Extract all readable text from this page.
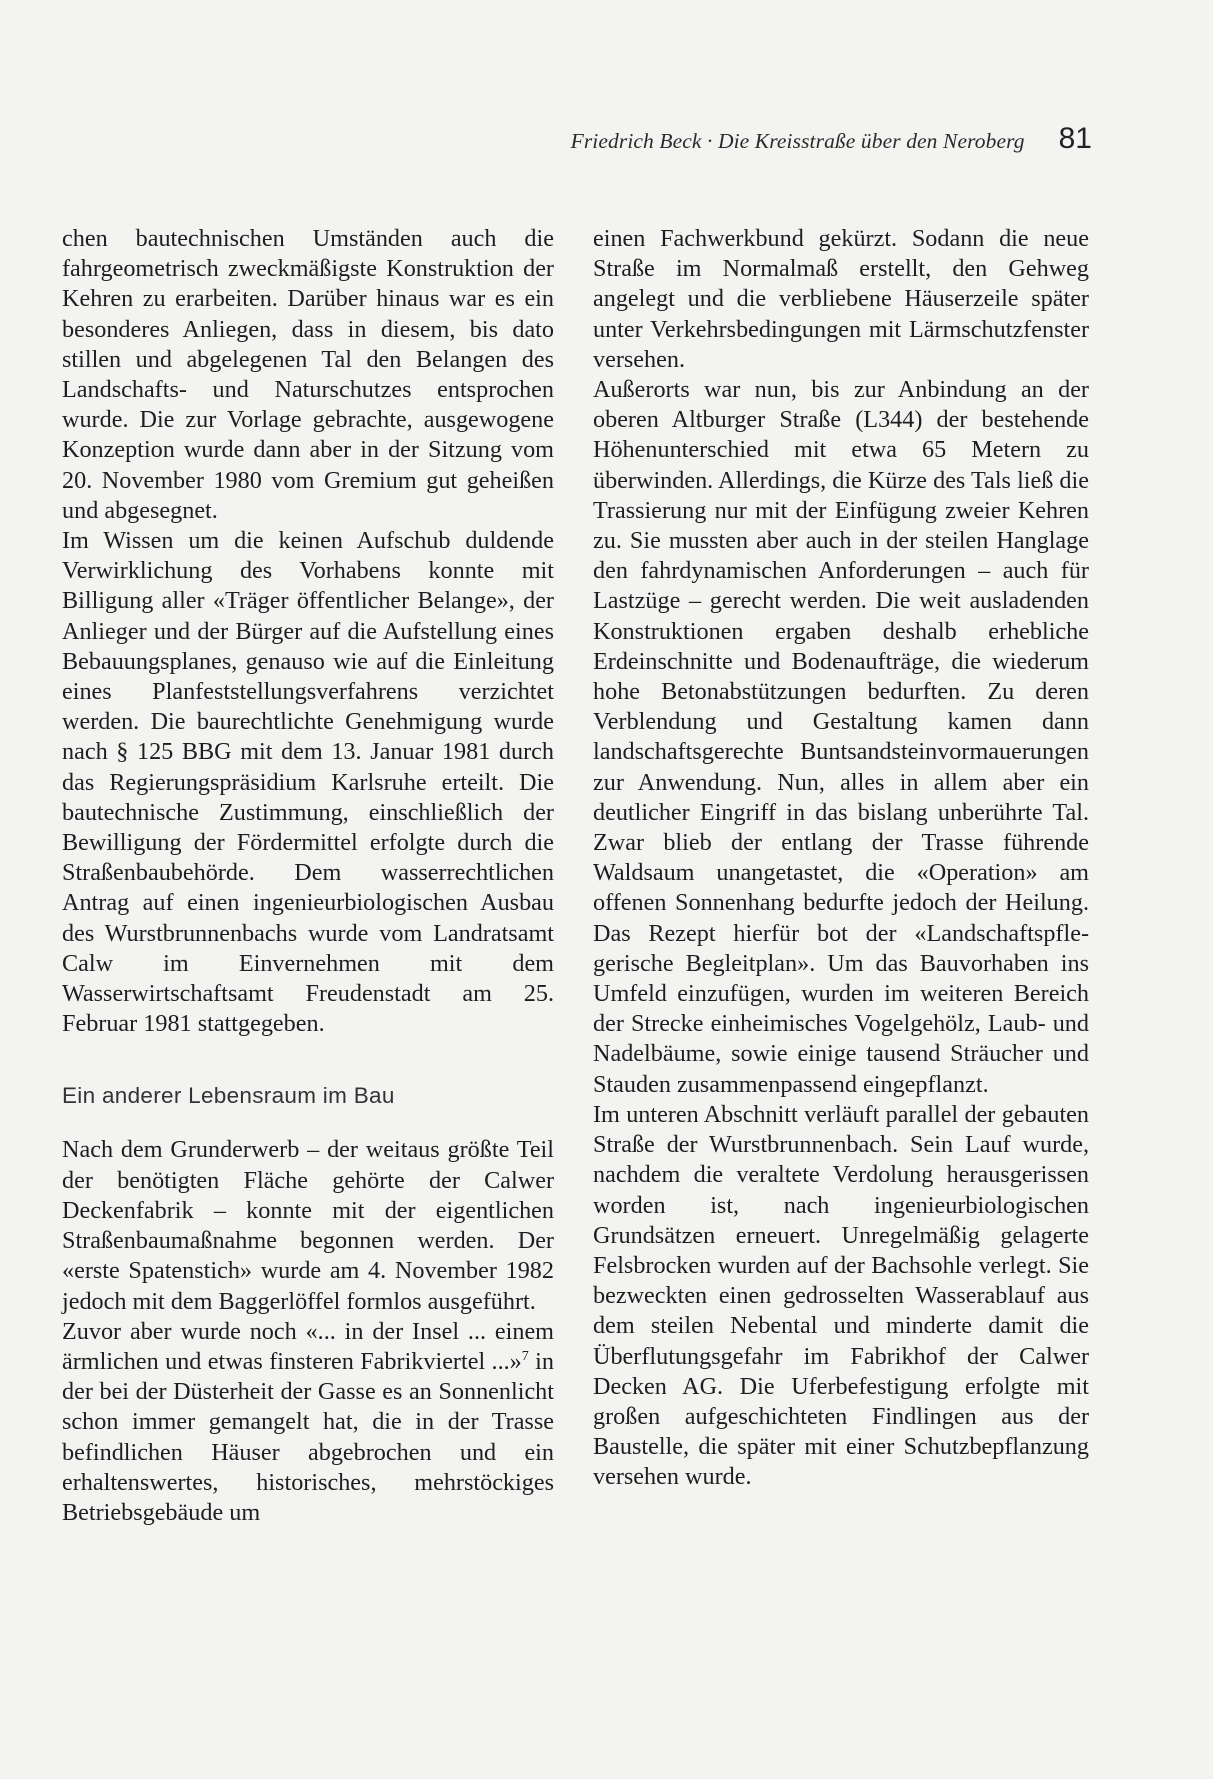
Friedrich Beck · Die Kreisstraße über den Neroberg 81

chen bautechnischen Umständen auch die fahrgeometrisch zweckmäßigste Konstruktion der Kehren zu erarbeiten. Darüber hinaus war es ein besonderes Anliegen, dass in diesem, bis dato stillen und abgelegenen Tal den Belangen des Landschafts- und Naturschutzes entsprochen wurde. Die zur Vorlage gebrachte, ausgewogene Konzeption wurde dann aber in der Sitzung vom 20. November 1980 vom Gremium gut geheißen und abgesegnet.

Im Wissen um die keinen Aufschub duldende Verwirklichung des Vorhabens konnte mit Billigung aller «Träger öffentlicher Belange», der Anlieger und der Bürger auf die Aufstellung eines Bebauungsplanes, genauso wie auf die Einleitung eines Planfeststellungsverfahrens verzichtet werden. Die baurechtlichte Genehmigung wurde nach § 125 BBG mit dem 13. Januar 1981 durch das Regierungspräsidium Karlsruhe erteilt. Die bautechnische Zustimmung, einschließlich der Bewilligung der Fördermittel erfolgte durch die Straßenbaubehörde. Dem wasserrechtlichen Antrag auf einen ingenieurbiologischen Ausbau des Wurstbrunnenbachs wurde vom Landratsamt Calw im Einvernehmen mit dem Wasserwirtschaftsamt Freudenstadt am 25. Februar 1981 stattgegeben.

Ein anderer Lebensraum im Bau

Nach dem Grunderwerb – der weitaus größte Teil der benötigten Fläche gehörte der Calwer Deckenfabrik – konnte mit der eigentlichen Straßenbaumaßnahme begonnen werden. Der «erste Spatenstich» wurde am 4. November 1982 jedoch mit dem Baggerlöffel formlos ausgeführt.

Zuvor aber wurde noch «... in der Insel ... einem ärmlichen und etwas finsteren Fabrikviertel ...»$^7$ in der bei der Düsterheit der Gasse es an Sonnenlicht schon immer gemangelt hat, die in der Trasse befindlichen Häuser abgebrochen und ein erhaltenswertes, historisches, mehrstöckiges Betriebsgebäude um

einen Fachwerkbund gekürzt. Sodann die neue Straße im Normalmaß erstellt, den Gehweg angelegt und die verbliebene Häuserzeile später unter Verkehrsbedingungen mit Lärmschutzfenster versehen.

Außerorts war nun, bis zur Anbindung an der oberen Altburger Straße (L344) der bestehende Höhenunterschied mit etwa 65 Metern zu überwinden. Allerdings, die Kürze des Tals ließ die Trassierung nur mit der Einfügung zweier Kehren zu. Sie mussten aber auch in der steilen Hanglage den fahrdynamischen Anforderungen – auch für Lastzüge – gerecht werden. Die weit ausladenden Konstruktionen ergaben deshalb erhebliche Erdeinschnitte und Bodenaufträge, die wiederum hohe Betonabstützungen bedurften. Zu deren Verblendung und Gestaltung kamen dann landschaftsgerechte Buntsandsteinvormauerungen zur Anwendung. Nun, alles in allem aber ein deutlicher Eingriff in das bislang unberührte Tal. Zwar blieb der entlang der Trasse führende Waldsaum unangetastet, die «Operation» am offenen Sonnenhang bedurfte jedoch der Heilung. Das Rezept hierfür bot der «Landschaftspflegerische Begleitplan». Um das Bauvorhaben ins Umfeld einzufügen, wurden im weiteren Bereich der Strecke einheimisches Vogelgehölz, Laub- und Nadelbäume, sowie einige tausend Sträucher und Stauden zusammenpassend eingepflanzt.

Im unteren Abschnitt verläuft parallel der gebauten Straße der Wurstbrunnenbach. Sein Lauf wurde, nachdem die veraltete Verdolung herausgerissen worden ist, nach ingenieurbiologischen Grundsätzen erneuert. Unregelmäßig gelagerte Felsbrocken wurden auf der Bachsohle verlegt. Sie bezweckten einen gedrosselten Wasserablauf aus dem steilen Nebental und minderte damit die Überflutungsgefahr im Fabrikhof der Calwer Decken AG. Die Uferbefestigung erfolgte mit großen aufgeschichteten Findlingen aus der Baustelle, die später mit einer Schutzbepflanzung versehen wurde.
